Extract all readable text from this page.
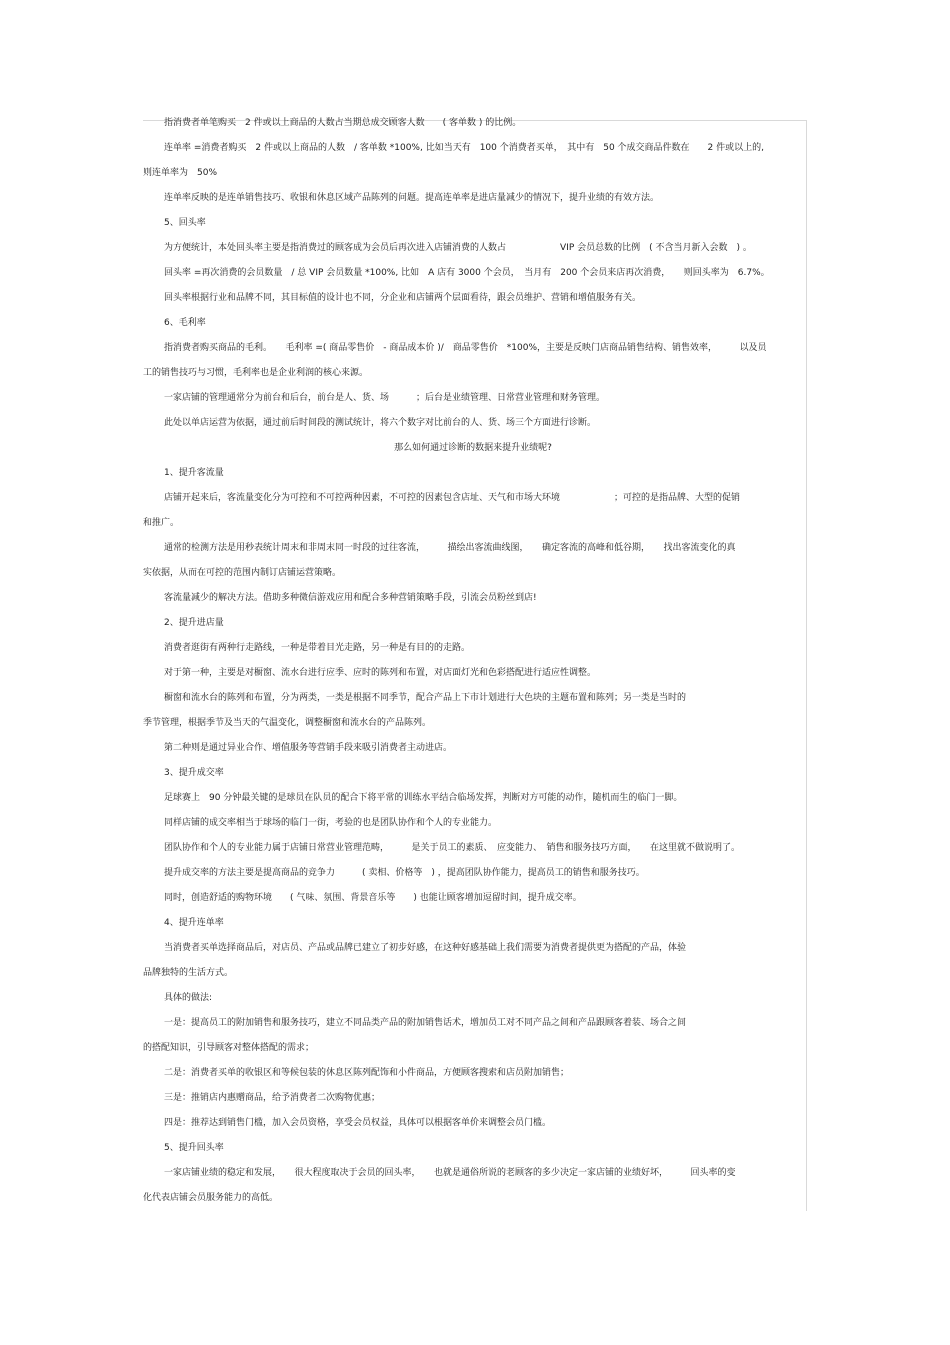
指消费者单笔购买　2 件或以上商品的人数占当期总成交顾客人数　　( 客单数 ) 的比例。

连单率 =消费者购买　2 件或以上商品的人数　/ 客单数 *100%, 比如当天有　100 个消费者买单，　其中有　50 个成交商品件数在　　2 件或以上的,

则连单率为　50%

连单率反映的是连单销售技巧、收银和休息区域产品陈列的问题。提高连单率是进店量减少的情况下，提升业绩的有效方法。

5、回头率

为方便统计，本处回头率主要是指消费过的顾客成为会员后再次进入店铺消费的人数占　　　　　　VIP 会员总数的比例　( 不含当月新入会数　) 。

回头率 =再次消费的会员数量　/ 总 VIP 会员数量 *100%, 比如　A 店有 3000 个会员，　当月有　200 个会员来店再次消费，　　则回头率为　6.7%。

回头率根据行业和品牌不同，其目标值的设计也不同，分企业和店铺两个层面看待，跟会员维护、营销和增值服务有关。

6、毛利率

指消费者购买商品的毛利。　　毛利率 =( 商品零售价　- 商品成本价 )/　商品零售价　*100%，主要是反映门店商品销售结构、销售效率，　　　以及员

工的销售技巧与习惯，毛利率也是企业利润的核心来源。

一家店铺的管理通常分为前台和后台，前台是人、货、场　　　；后台是业绩管理、日常营业管理和财务管理。

此处以单店运营为依据，通过前后时间段的测试统计，将六个数字对比前台的人、货、场三个方面进行诊断。

那么如何通过诊断的数据来提升业绩呢?

1、提升客流量

店铺开起来后，客流量变化分为可控和不可控两种因素，不可控的因素包含店址、天气和市场大环境　　　　　　；可控的是指品牌、大型的促销

和推广。

通常的检测方法是用秒表统计周末和非周末同一时段的过往客流，　　　描绘出客流曲线图，　　确定客流的高峰和低谷期，　　找出客流变化的真

实依据，从而在可控的范围内制订店铺运营策略。

客流量减少的解决方法。借助多种微信游戏应用和配合多种营销策略手段，引流会员粉丝到店!

2、提升进店量

消费者逛街有两种行走路线，一种是带着目光走路，另一种是有目的的走路。

对于第一种，主要是对橱窗、流水台进行应季、应时的陈列和布置，对店面灯光和色彩搭配进行适应性调整。

橱窗和流水台的陈列和布置，分为两类，一类是根据不同季节，配合产品上下市计划进行大色块的主题布置和陈列；另一类是当时的

季节管理，根据季节及当天的气温变化，调整橱窗和流水台的产品陈列。

第二种则是通过异业合作、增值服务等营销手段来吸引消费者主动进店。

3、提升成交率

足球赛上　90 分钟最关键的是球员在队员的配合下将平常的训练水平结合临场发挥，判断对方可能的动作，随机而生的临门一脚。

同样店铺的成交率相当于球场的临门一街，考验的也是团队协作和个人的专业能力。

团队协作和个人的专业能力属于店铺日常营业管理范畴，　　　是关于员工的素质、　应变能力、　销售和服务技巧方面，　　在这里就不做说明了。

提升成交率的方法主要是提高商品的竞争力　　　( 卖相、价格等　) ，提高团队协作能力，提高员工的销售和服务技巧。

同时，创造舒适的购物环境　　( 气味、氛围、背景音乐等　　) 也能让顾客增加逗留时间，提升成交率。

4、提升连单率

当消费者买单选择商品后，对店员、产品或品牌已建立了初步好感，在这种好感基础上我们需要为消费者提供更为搭配的产品，体验

品牌独特的生活方式。

具体的做法:

一是：提高员工的附加销售和服务技巧，建立不同品类产品的附加销售话术，增加员工对不同产品之间和产品跟顾客着装、场合之间

的搭配知识，引导顾客对整体搭配的需求；

二是：消费者买单的收银区和等候包装的休息区陈列配饰和小件商品，方便顾客搜索和店员附加销售；

三是：推销店内惠赠商品，给予消费者二次购物优惠；

四是：推荐达到销售门槛，加入会员资格，享受会员权益，具体可以根据客单价来调整会员门槛。

5、提升回头率

一家店铺业绩的稳定和发展，　　很大程度取决于会员的回头率，　　也就是通俗所说的老顾客的多少决定一家店铺的业绩好坏，　　　回头率的变

化代表店铺会员服务能力的高低。
